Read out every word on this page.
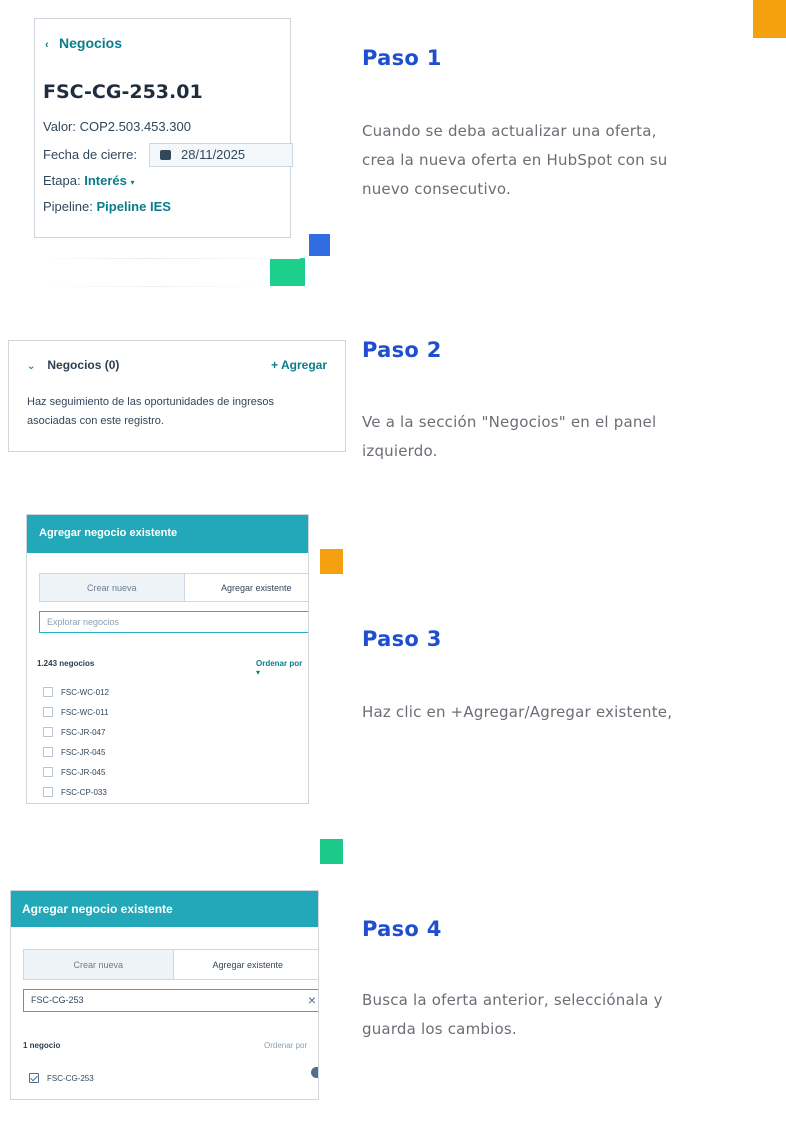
‹ Negocios
FSC-CG-253.01
Valor: COP2.503.453.300
Fecha de cierre:	28/11/2025
Etapa: Interés ▾
Pipeline: Pipeline IES
Paso 1
Cuando se deba actualizar una oferta,
crea la nueva oferta en HubSpot con su
nuevo consecutivo.
⌄ Negocios (0)	+ Agregar
Haz seguimiento de las oportunidades de ingresos
asociadas con este registro.
Paso 2
Ve a la sección "Negocios" en el panel
izquierdo.
Agregar negocio existente
Crear nueva	Agregar existente
Explorar negocios
1.243 negocios	Ordenar por ▾
FSC-WC-012
FSC-WC-011
FSC-JR-047
FSC-JR-045
FSC-JR-045
FSC-CP-033
Paso 3
Haz clic en +Agregar/Agregar existente,
Agregar negocio existente
Crear nueva	Agregar existente
FSC-CG-253	×
1 negocio	Ordenar por
FSC-CG-253
Paso 4
Busca la oferta anterior, selecciónala y
guarda los cambios.
